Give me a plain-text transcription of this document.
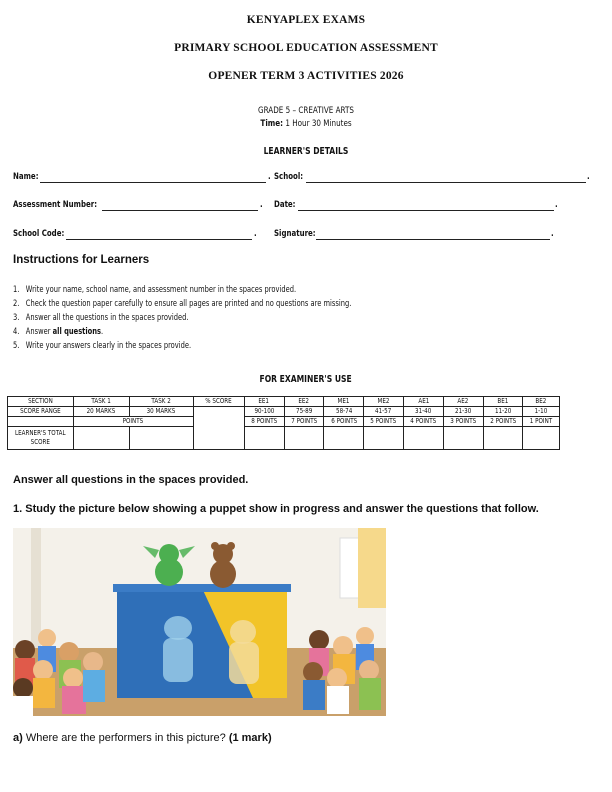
KENYAPLEX EXAMS
PRIMARY SCHOOL EDUCATION ASSESSMENT
OPENER TERM 3 ACTIVITIES 2026
GRADE 5 – CREATIVE ARTS
Time: 1 Hour 30 Minutes
LEARNER'S DETAILS
Name:	. School:	.
Assessment Number:	. Date:	.
School Code:	. Signature:	.
Instructions for Learners
1. Write your name, school name, and assessment number in the spaces provided.
2. Check the question paper carefully to ensure all pages are printed and no questions are missing.
3. Answer all the questions in the spaces provided.
4. Answer all questions.
5. Write your answers clearly in the spaces provide.
FOR EXAMINER'S USE
SECTION	TASK 1	TASK 2	% SCORE	EE1	EE2	ME1	ME2	AE1	AE2	BE1	BE2
SCORE RANGE	20 MARKS	30 MARKS		90-100	75-89	58-74	41-57	31-40	21-30	11-20	1-10
	POINTS			8 POINTS	7 POINTS	6 POINTS	5 POINTS	4 POINTS	3 POINTS	2 POINTS	1 POINT
LEARNER'S TOTAL SCORE											
Answer all questions in the spaces provided.
1. Study the picture below showing a puppet show in progress and answer the questions that follow.
a) Where are the performers in this picture? (1 mark)
